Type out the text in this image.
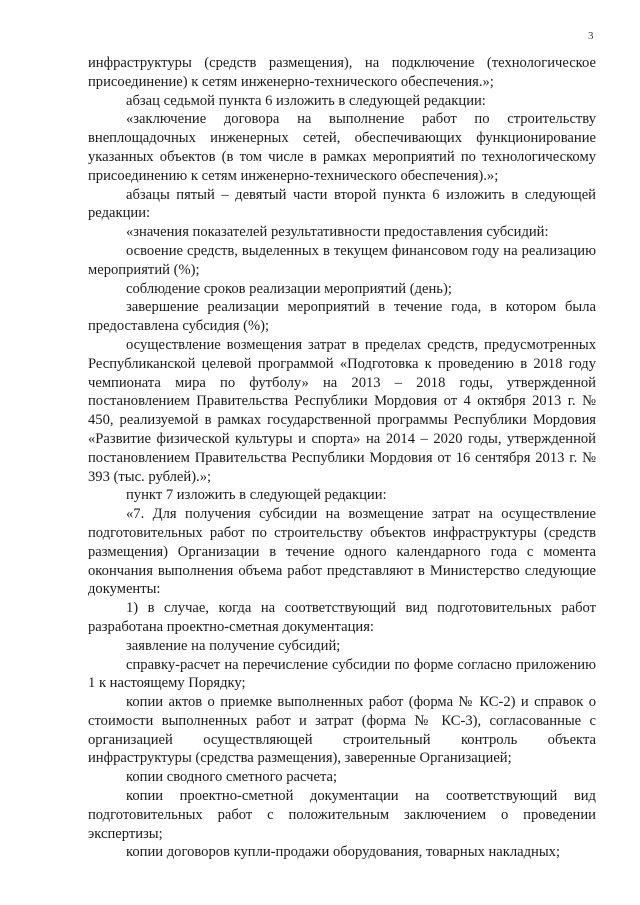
3

инфраструктуры (средств размещения), на подключение (технологическое присоединение) к сетям инженерно-технического обеспечения.»;

абзац седьмой пункта 6 изложить в следующей редакции:

«заключение договора на выполнение работ по строительству внеплощадочных инженерных сетей, обеспечивающих функционирование указанных объектов (в том числе в рамках мероприятий по технологическому присоединению к сетям инженерно-технического обеспечения).»;

абзацы пятый – девятый части второй пункта 6 изложить в следующей редакции:

«значения показателей результативности предоставления субсидий:

освоение средств, выделенных в текущем финансовом году на реализацию мероприятий (%);

соблюдение сроков реализации мероприятий (день);

завершение реализации мероприятий в течение года, в котором была предоставлена субсидия (%);

осуществление возмещения затрат в пределах средств, предусмотренных Республиканской целевой программой «Подготовка к проведению в 2018 году чемпионата мира по футболу» на 2013 – 2018 годы, утвержденной постановлением Правительства Республики Мордовия от 4 октября 2013 г. № 450, реализуемой в рамках государственной программы Республики Мордовия «Развитие физической культуры и спорта» на 2014 – 2020 годы, утвержденной постановлением Правительства Республики Мордовия от 16 сентября 2013 г. № 393 (тыс. рублей).»;

пункт 7 изложить в следующей редакции:

«7. Для получения субсидии на возмещение затрат на осуществление подготовительных работ по строительству объектов инфраструктуры (средств размещения) Организации в течение одного календарного года с момента окончания выполнения объема работ представляют в Министерство следующие документы:

1) в случае, когда на соответствующий вид подготовительных работ разработана проектно-сметная документация:

заявление на получение субсидий;

справку-расчет на перечисление субсидии по форме согласно приложению 1 к настоящему Порядку;

копии актов о приемке выполненных работ (форма № КС-2) и справок о стоимости выполненных работ и затрат (форма № КС-3), согласованные с организацией осуществляющей строительный контроль объекта инфраструктуры (средства размещения), заверенные Организацией;

копии сводного сметного расчета;

копии проектно-сметной документации на соответствующий вид подготовительных работ с положительным заключением о проведении экспертизы;

копии договоров купли-продажи оборудования, товарных накладных;
